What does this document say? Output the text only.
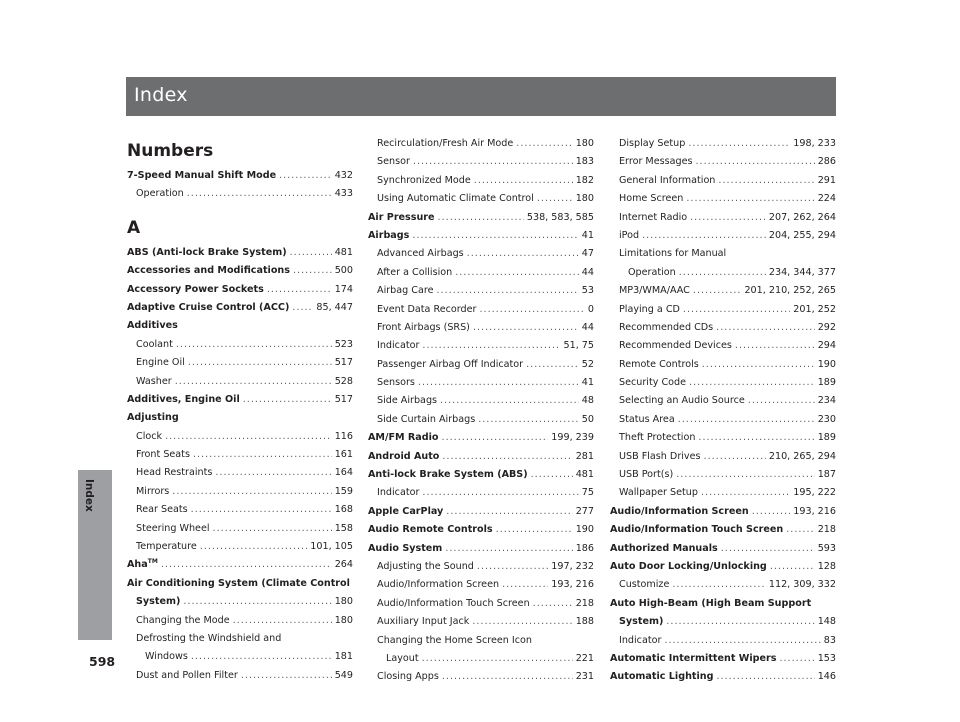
Index
Index
598
Numbers
7-Speed Manual Shift Mode .....	432
Operation .....	433
A
ABS (Anti-lock Brake System) .....	481
Accessories and Modifications .....	500
Accessory Power Sockets .....	174
Adaptive Cruise Control (ACC) .....	85, 447
Additives
Coolant .....	523
Engine Oil .....	517
Washer .....	528
Additives, Engine Oil .....	517
Adjusting
Clock .....	116
Front Seats .....	161
Head Restraints .....	164
Mirrors .....	159
Rear Seats .....	168
Steering Wheel .....	158
Temperature .....	101, 105
Aha™ .....	264
Air Conditioning System (Climate Control
System) .....	180
Changing the Mode .....	180
Defrosting the Windshield and
Windows .....	181
Dust and Pollen Filter .....	549
Recirculation/Fresh Air Mode .....	180
Sensor .....	183
Synchronized Mode .....	182
Using Automatic Climate Control .....	180
Air Pressure .....	538, 583, 585
Airbags .....	41
Advanced Airbags .....	47
After a Collision .....	44
Airbag Care .....	53
Event Data Recorder .....	0
Front Airbags (SRS) .....	44
Indicator .....	51, 75
Passenger Airbag Off Indicator .....	52
Sensors .....	41
Side Airbags .....	48
Side Curtain Airbags .....	50
AM/FM Radio .....	199, 239
Android Auto .....	281
Anti-lock Brake System (ABS) .....	481
Indicator .....	75
Apple CarPlay .....	277
Audio Remote Controls .....	190
Audio System .....	186
Adjusting the Sound .....	197, 232
Audio/Information Screen .....	193, 216
Audio/Information Touch Screen .....	218
Auxiliary Input Jack .....	188
Changing the Home Screen Icon
Layout .....	221
Closing Apps .....	231
Display Setup .....	198, 233
Error Messages .....	286
General Information .....	291
Home Screen .....	224
Internet Radio .....	207, 262, 264
iPod .....	204, 255, 294
Limitations for Manual
Operation .....	234, 344, 377
MP3/WMA/AAC .....	201, 210, 252, 265
Playing a CD .....	201, 252
Recommended CDs .....	292
Recommended Devices .....	294
Remote Controls .....	190
Security Code .....	189
Selecting an Audio Source .....	234
Status Area .....	230
Theft Protection .....	189
USB Flash Drives .....	210, 265, 294
USB Port(s) .....	187
Wallpaper Setup .....	195, 222
Audio/Information Screen .....	193, 216
Audio/Information Touch Screen .....	218
Authorized Manuals .....	593
Auto Door Locking/Unlocking .....	128
Customize .....	112, 309, 332
Auto High-Beam (High Beam Support
System) .....	148
Indicator .....	83
Automatic Intermittent Wipers .....	153
Automatic Lighting .....	146
